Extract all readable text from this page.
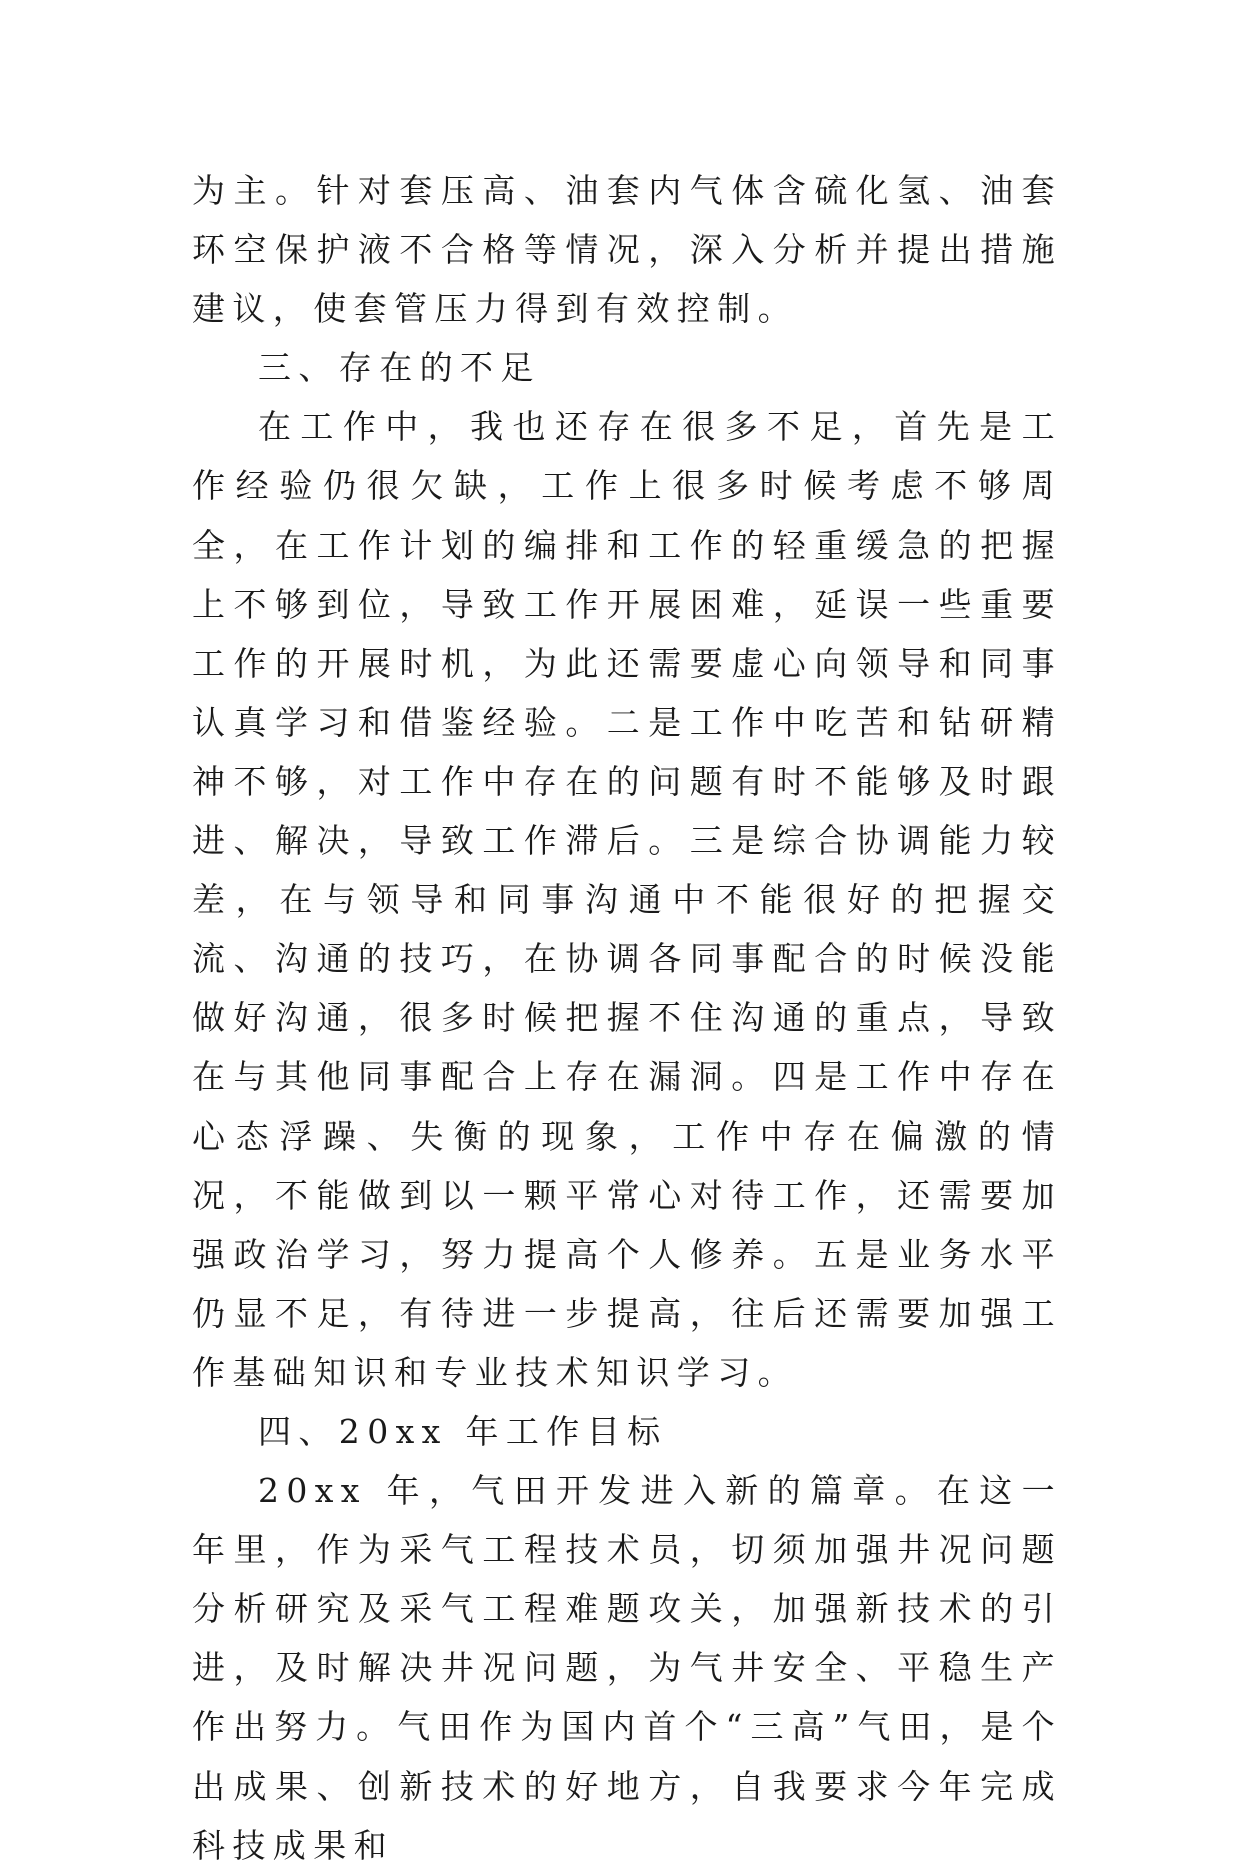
为主。针对套压高、油套内气体含硫化氢、油套环空保护液不合格等情况，深入分析并提出措施建议，使套管压力得到有效控制。

三、存在的不足

在工作中，我也还存在很多不足，首先是工作经验仍很欠缺，工作上很多时候考虑不够周全，在工作计划的编排和工作的轻重缓急的把握上不够到位，导致工作开展困难，延误一些重要工作的开展时机，为此还需要虚心向领导和同事认真学习和借鉴经验。二是工作中吃苦和钻研精神不够，对工作中存在的问题有时不能够及时跟进、解决，导致工作滞后。三是综合协调能力较差，在与领导和同事沟通中不能很好的把握交流、沟通的技巧，在协调各同事配合的时候没能做好沟通，很多时候把握不住沟通的重点，导致在与其他同事配合上存在漏洞。四是工作中存在心态浮躁、失衡的现象，工作中存在偏激的情况，不能做到以一颗平常心对待工作，还需要加强政治学习，努力提高个人修养。五是业务水平仍显不足，有待进一步提高，往后还需要加强工作基础知识和专业技术知识学习。

四、20xx 年工作目标

20xx 年，气田开发进入新的篇章。在这一年里，作为采气工程技术员，切须加强井况问题分析研究及采气工程难题攻关，加强新技术的引进，及时解决井况问题，为气井安全、平稳生产作出努力。气田作为国内首个“三高”气田，是个出成果、创新技术的好地方，自我要求今年完成科技成果和
